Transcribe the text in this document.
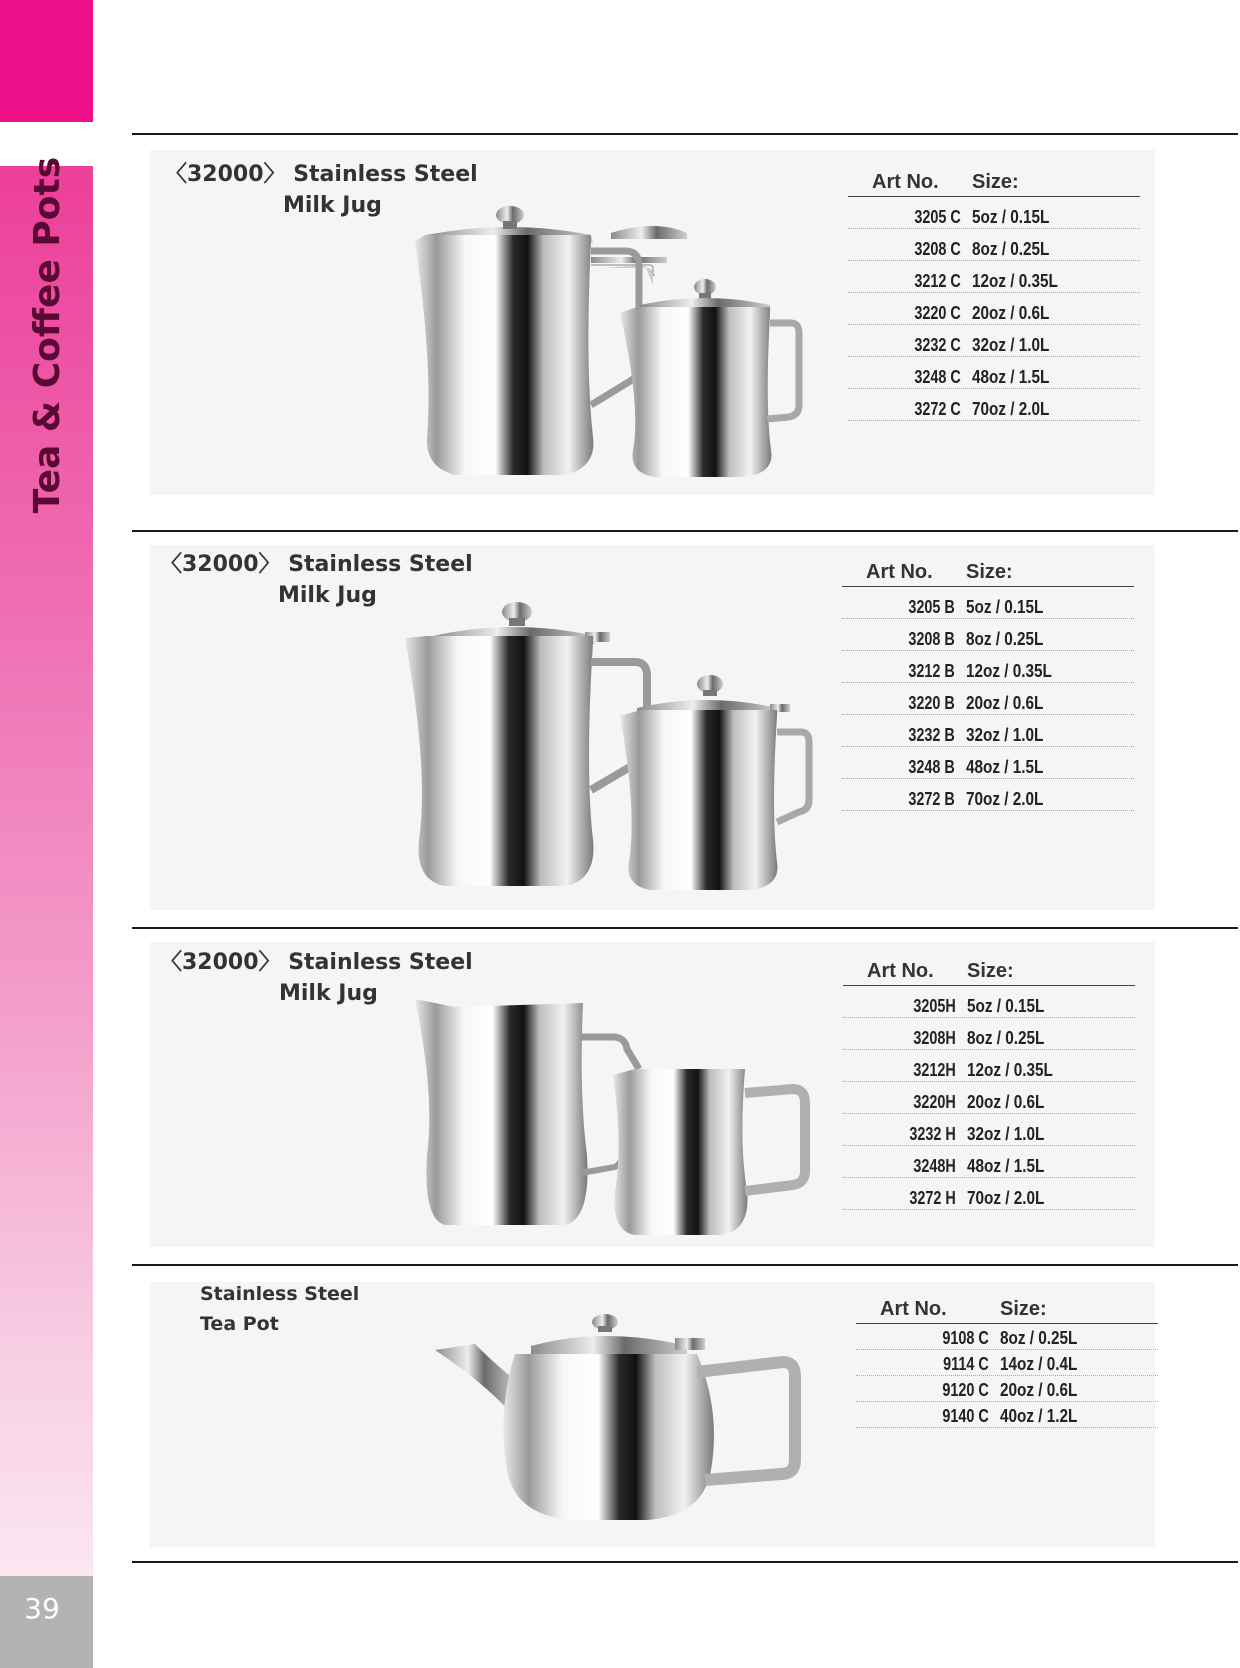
Tea & Coffee Pots
39
〈32000〉 Stainless Steel
Milk Jug
Art No.	Size:
3205 C 5oz / 0.15L
3208 C 8oz / 0.25L
3212 C 12oz / 0.35L
3220 C 20oz / 0.6L
3232 C 32oz / 1.0L
3248 C 48oz / 1.5L
3272 C 70oz / 2.0L
〈32000〉 Stainless Steel
Milk Jug
Art No.	Size:
3205 B 5oz / 0.15L
3208 B 8oz / 0.25L
3212 B 12oz / 0.35L
3220 B 20oz / 0.6L
3232 B 32oz / 1.0L
3248 B 48oz / 1.5L
3272 B 70oz / 2.0L
〈32000〉 Stainless Steel
Milk Jug
Art No.	Size:
3205H 5oz / 0.15L
3208H 8oz / 0.25L
3212H 12oz / 0.35L
3220H 20oz / 0.6L
3232 H 32oz / 1.0L
3248H 48oz / 1.5L
3272 H 70oz / 2.0L
Stainless Steel
Tea Pot
Art No.	Size:
9108 C 8oz / 0.25L
9114 C 14oz / 0.4L
9120 C 20oz / 0.6L
9140 C 40oz / 1.2L
